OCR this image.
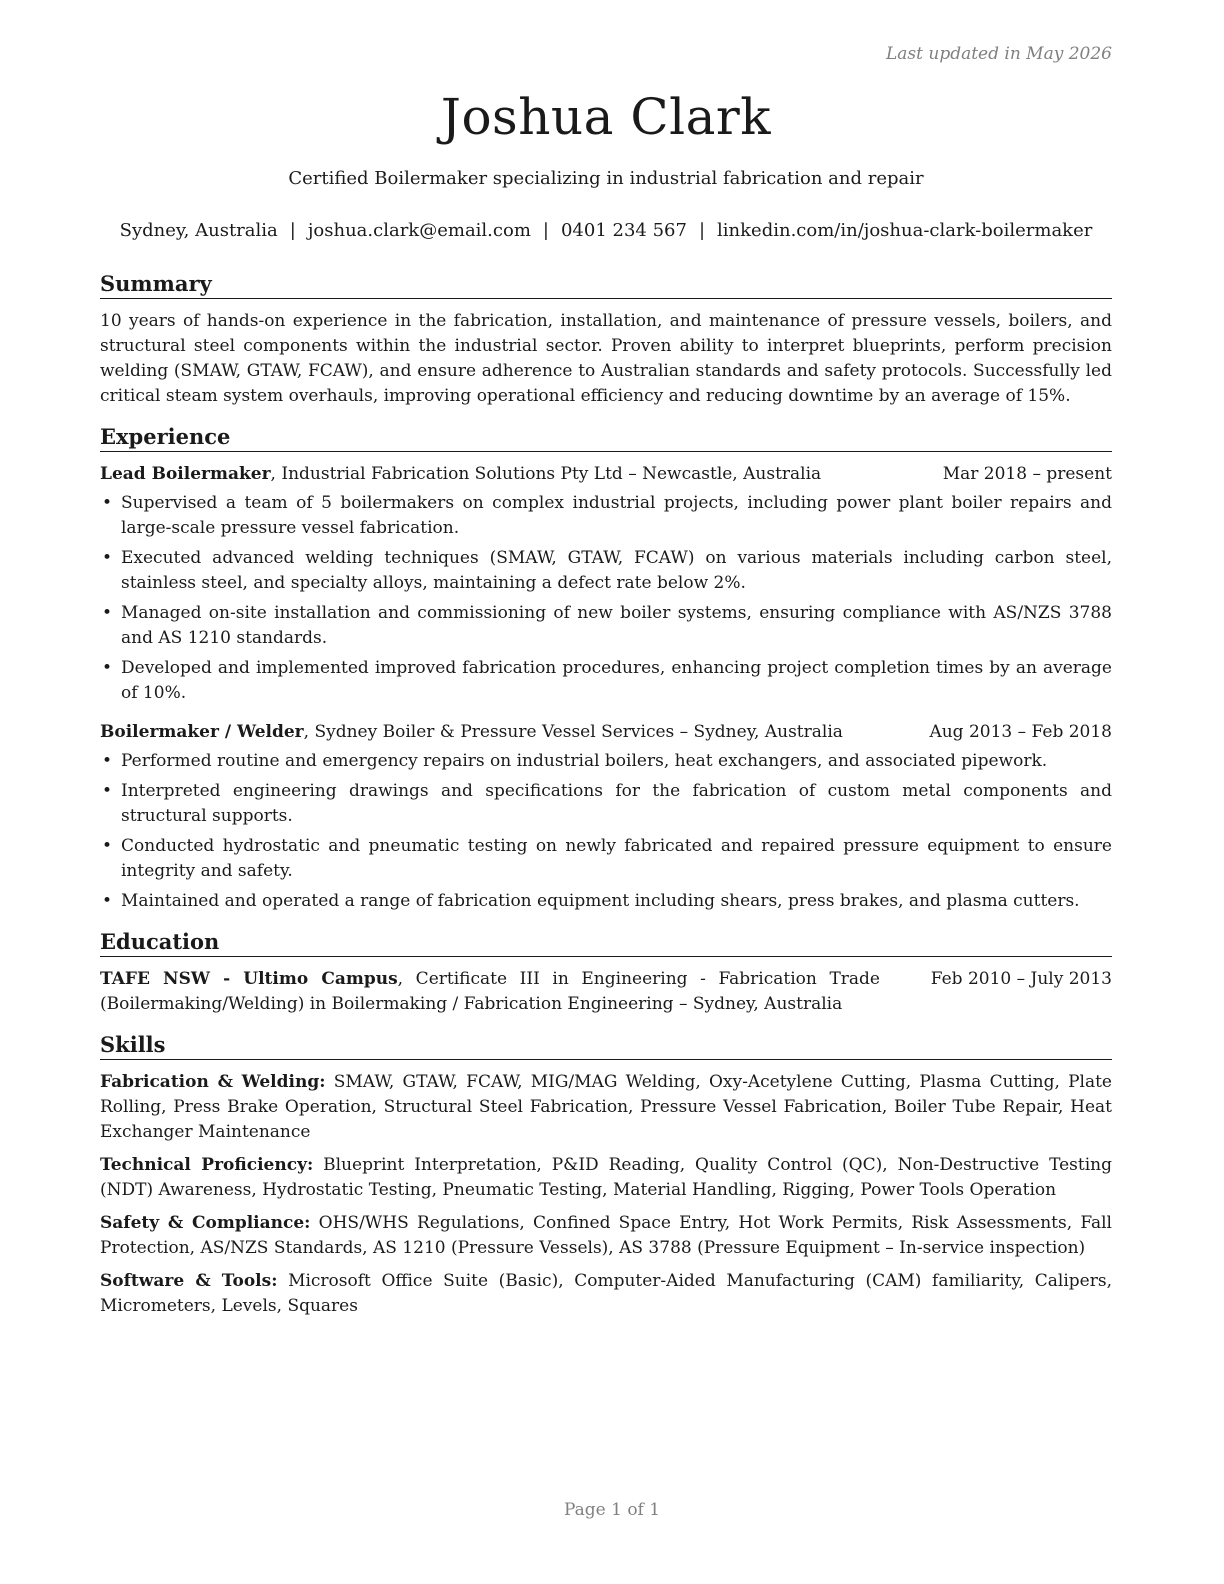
Last updated in May 2026
Joshua Clark
Certified Boilermaker specializing in industrial fabrication and repair
Sydney, Australia | joshua.clark@email.com | 0401 234 567 | linkedin.com/in/joshua-clark-boilermaker
Summary

10 years of hands-on experience in the fabrication, installation, and maintenance of pressure vessels, boilers, and structural steel components within the industrial sector. Proven ability to interpret blueprints, perform precision welding (SMAW, GTAW, FCAW), and ensure adherence to Australian standards and safety protocols. Successfully led critical steam system overhauls, improving operational efficiency and reducing downtime by an average of 15%.

Experience
Lead Boilermaker, Industrial Fabrication Solutions Pty Ltd – Newcastle, Australia	Mar 2018 – present
• Supervised a team of 5 boilermakers on complex industrial projects, including power plant boiler repairs and large-scale pressure vessel fabrication.
• Executed advanced welding techniques (SMAW, GTAW, FCAW) on various materials including carbon steel, stainless steel, and specialty alloys, maintaining a defect rate below 2%.
• Managed on-site installation and commissioning of new boiler systems, ensuring compliance with AS/NZS 3788 and AS 1210 standards.
• Developed and implemented improved fabrication procedures, enhancing project completion times by an average of 10%.
Boilermaker / Welder, Sydney Boiler & Pressure Vessel Services – Sydney, Australia	Aug 2013 – Feb 2018
• Performed routine and emergency repairs on industrial boilers, heat exchangers, and associated pipework.
• Interpreted engineering drawings and specifications for the fabrication of custom metal components and structural supports.
• Conducted hydrostatic and pneumatic testing on newly fabricated and repaired pressure equipment to ensure integrity and safety.
• Maintained and operated a range of fabrication equipment including shears, press brakes, and plasma cutters.
Education
TAFE NSW - Ultimo Campus, Certificate III in Engineering - Fabrication Trade (Boilermaking/Welding) in Boilermaking / Fabrication Engineering – Sydney, Australia
Feb 2010 – July 2013
Skills

Fabrication & Welding: SMAW, GTAW, FCAW, MIG/MAG Welding, Oxy-Acetylene Cutting, Plasma Cutting, Plate Rolling, Press Brake Operation, Structural Steel Fabrication, Pressure Vessel Fabrication, Boiler Tube Repair, Heat Exchanger Maintenance

Technical Proficiency: Blueprint Interpretation, P&ID Reading, Quality Control (QC), Non-Destructive Testing (NDT) Awareness, Hydrostatic Testing, Pneumatic Testing, Material Handling, Rigging, Power Tools Operation

Safety & Compliance: OHS/WHS Regulations, Confined Space Entry, Hot Work Permits, Risk Assessments, Fall Protection, AS/NZS Standards, AS 1210 (Pressure Vessels), AS 3788 (Pressure Equipment – In-service inspection)

Software & Tools: Microsoft Office Suite (Basic), Computer-Aided Manufacturing (CAM) familiarity, Calipers, Micrometers, Levels, Squares

Page 1 of 1
